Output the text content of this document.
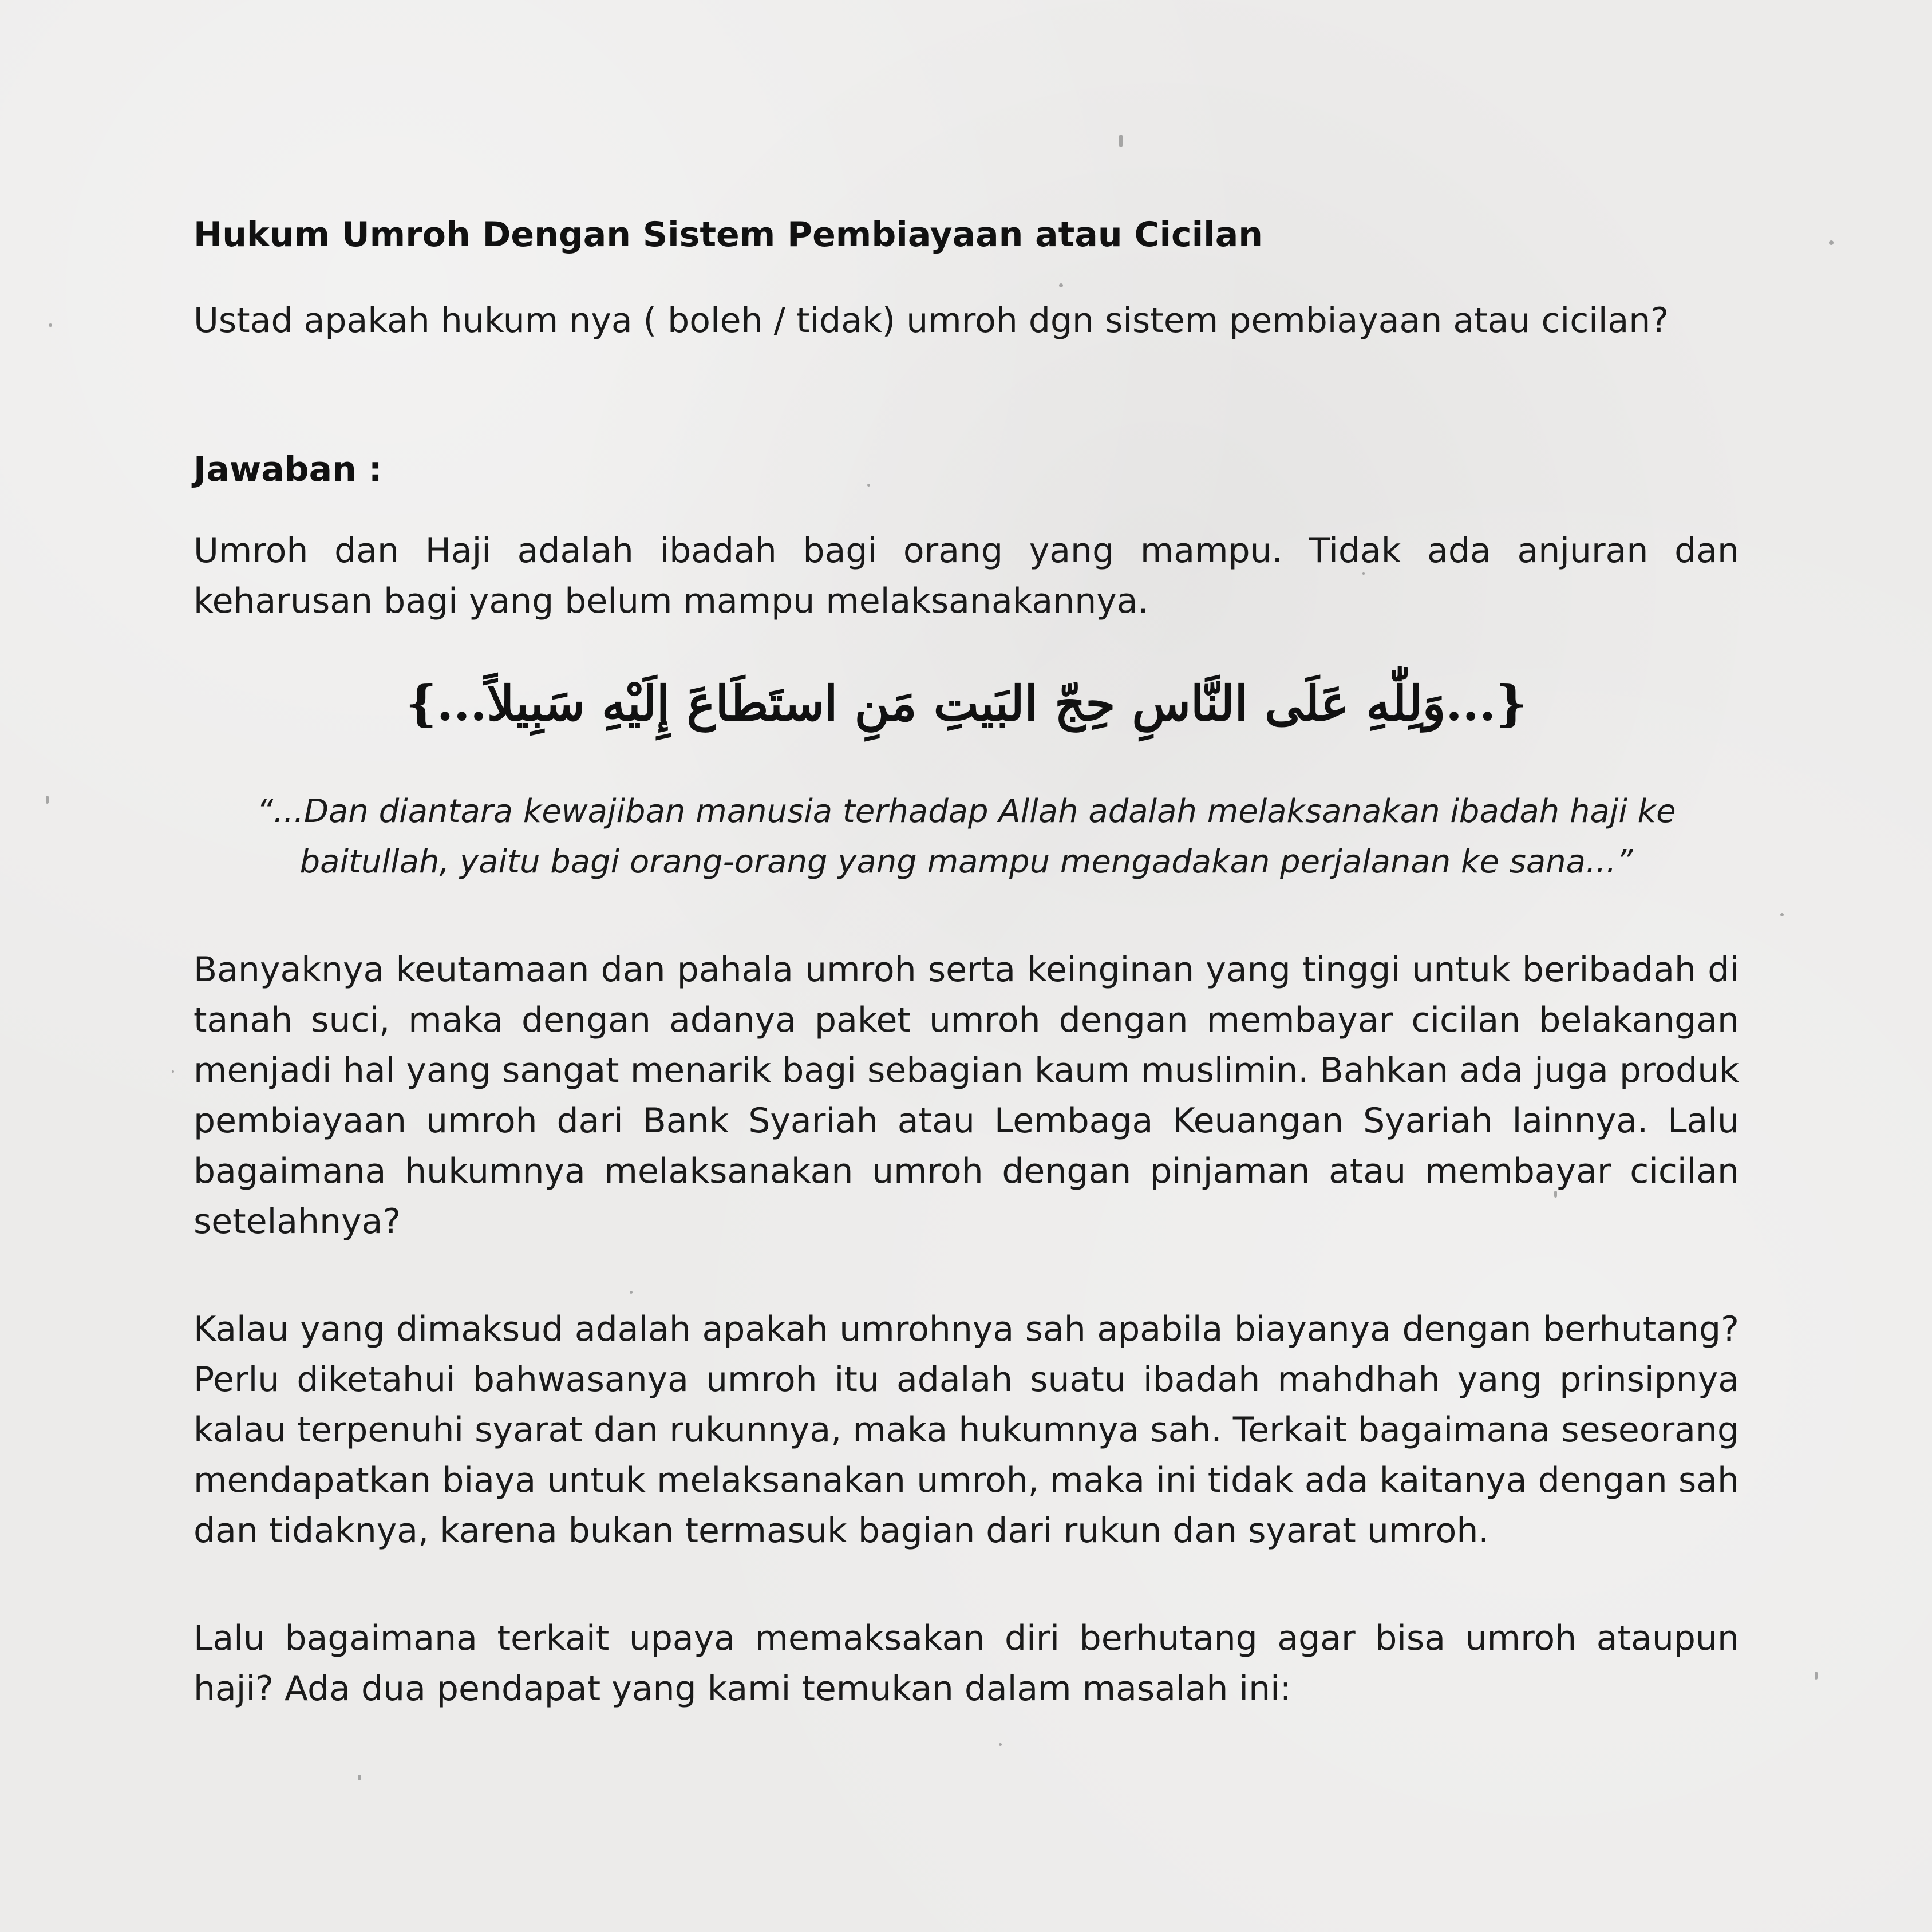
Hukum Umroh Dengan Sistem Pembiayaan atau Cicilan

Ustad apakah hukum nya ( boleh / tidak) umroh dgn sistem pembiayaan atau cicilan?

Jawaban :

Umroh dan Haji adalah ibadah bagi orang yang mampu. Tidak ada anjuran dan keharusan bagi yang belum mampu melaksanakannya.

{...وَلِلّٰهِ عَلَى النَّاسِ حِجّ البَيتِ مَنِ استَطَاعَ إِلَيْهِ سَبِيلاً...}

“...Dan diantara kewajiban manusia terhadap Allah adalah melaksanakan ibadah haji ke baitullah, yaitu bagi orang-orang yang mampu mengadakan perjalanan ke sana...”

Banyaknya keutamaan dan pahala umroh serta keinginan yang tinggi untuk beribadah di tanah suci, maka dengan adanya paket umroh dengan membayar cicilan belakangan menjadi hal yang sangat menarik bagi sebagian kaum muslimin. Bahkan ada juga produk pembiayaan umroh dari Bank Syariah atau Lembaga Keuangan Syariah lainnya. Lalu bagaimana hukumnya melaksanakan umroh dengan pinjaman atau membayar cicilan setelahnya?

Kalau yang dimaksud adalah apakah umrohnya sah apabila biayanya dengan berhutang? Perlu diketahui bahwasanya umroh itu adalah suatu ibadah mahdhah yang prinsipnya kalau terpenuhi syarat dan rukunnya, maka hukumnya sah. Terkait bagaimana seseorang mendapatkan biaya untuk melaksanakan umroh, maka ini tidak ada kaitanya dengan sah dan tidaknya, karena bukan termasuk bagian dari rukun dan syarat umroh.

Lalu bagaimana terkait upaya memaksakan diri berhutang agar bisa umroh ataupun haji? Ada dua pendapat yang kami temukan dalam masalah ini:
